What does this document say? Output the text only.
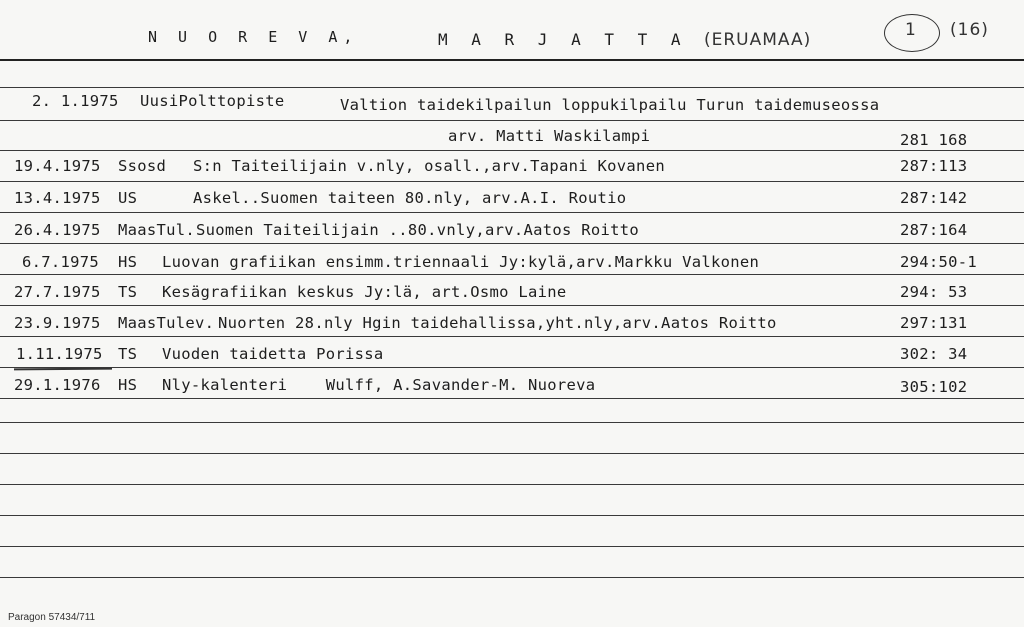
N U O R E V A,	M A R J A T T A (ERUAMAA)	1 (16)
2. 1.1975 UusiPolttopiste	Valtion taidekilpailun loppukilpailu Turun taidemuseossa
arv. Matti Waskilampi	281 168
19.4.1975 Ssosd S:n Taiteilijain v.nly, osall.,arv.Tapani Kovanen	287:113
13.4.1975 US	Askel..Suomen taiteen 80.nly, arv.A.I. Routio	287:142
26.4.1975 MaasTul. Suomen Taiteilijain ..80.vnly,arv.Aatos Roitto	287:164
6.7.1975 HS Luovan grafiikan ensimm.triennaali Jy:kylä,arv.Markku Valkonen	294:50-1
27.7.1975 TS Kesägrafiikan keskus Jy:lä, art.Osmo Laine	294: 53
23.9.1975 MaasTulev. Nuorten 28.nly Hgin taidehallissa,yht.nly,arv.Aatos Roitto	297:131
1.11.1975 TS Vuoden taidetta Porissa	302: 34
29.1.1976 HS Nly-kalenteri    Wulff, A.Savander-M. Nuoreva	305:102
Paragon 57434/711
